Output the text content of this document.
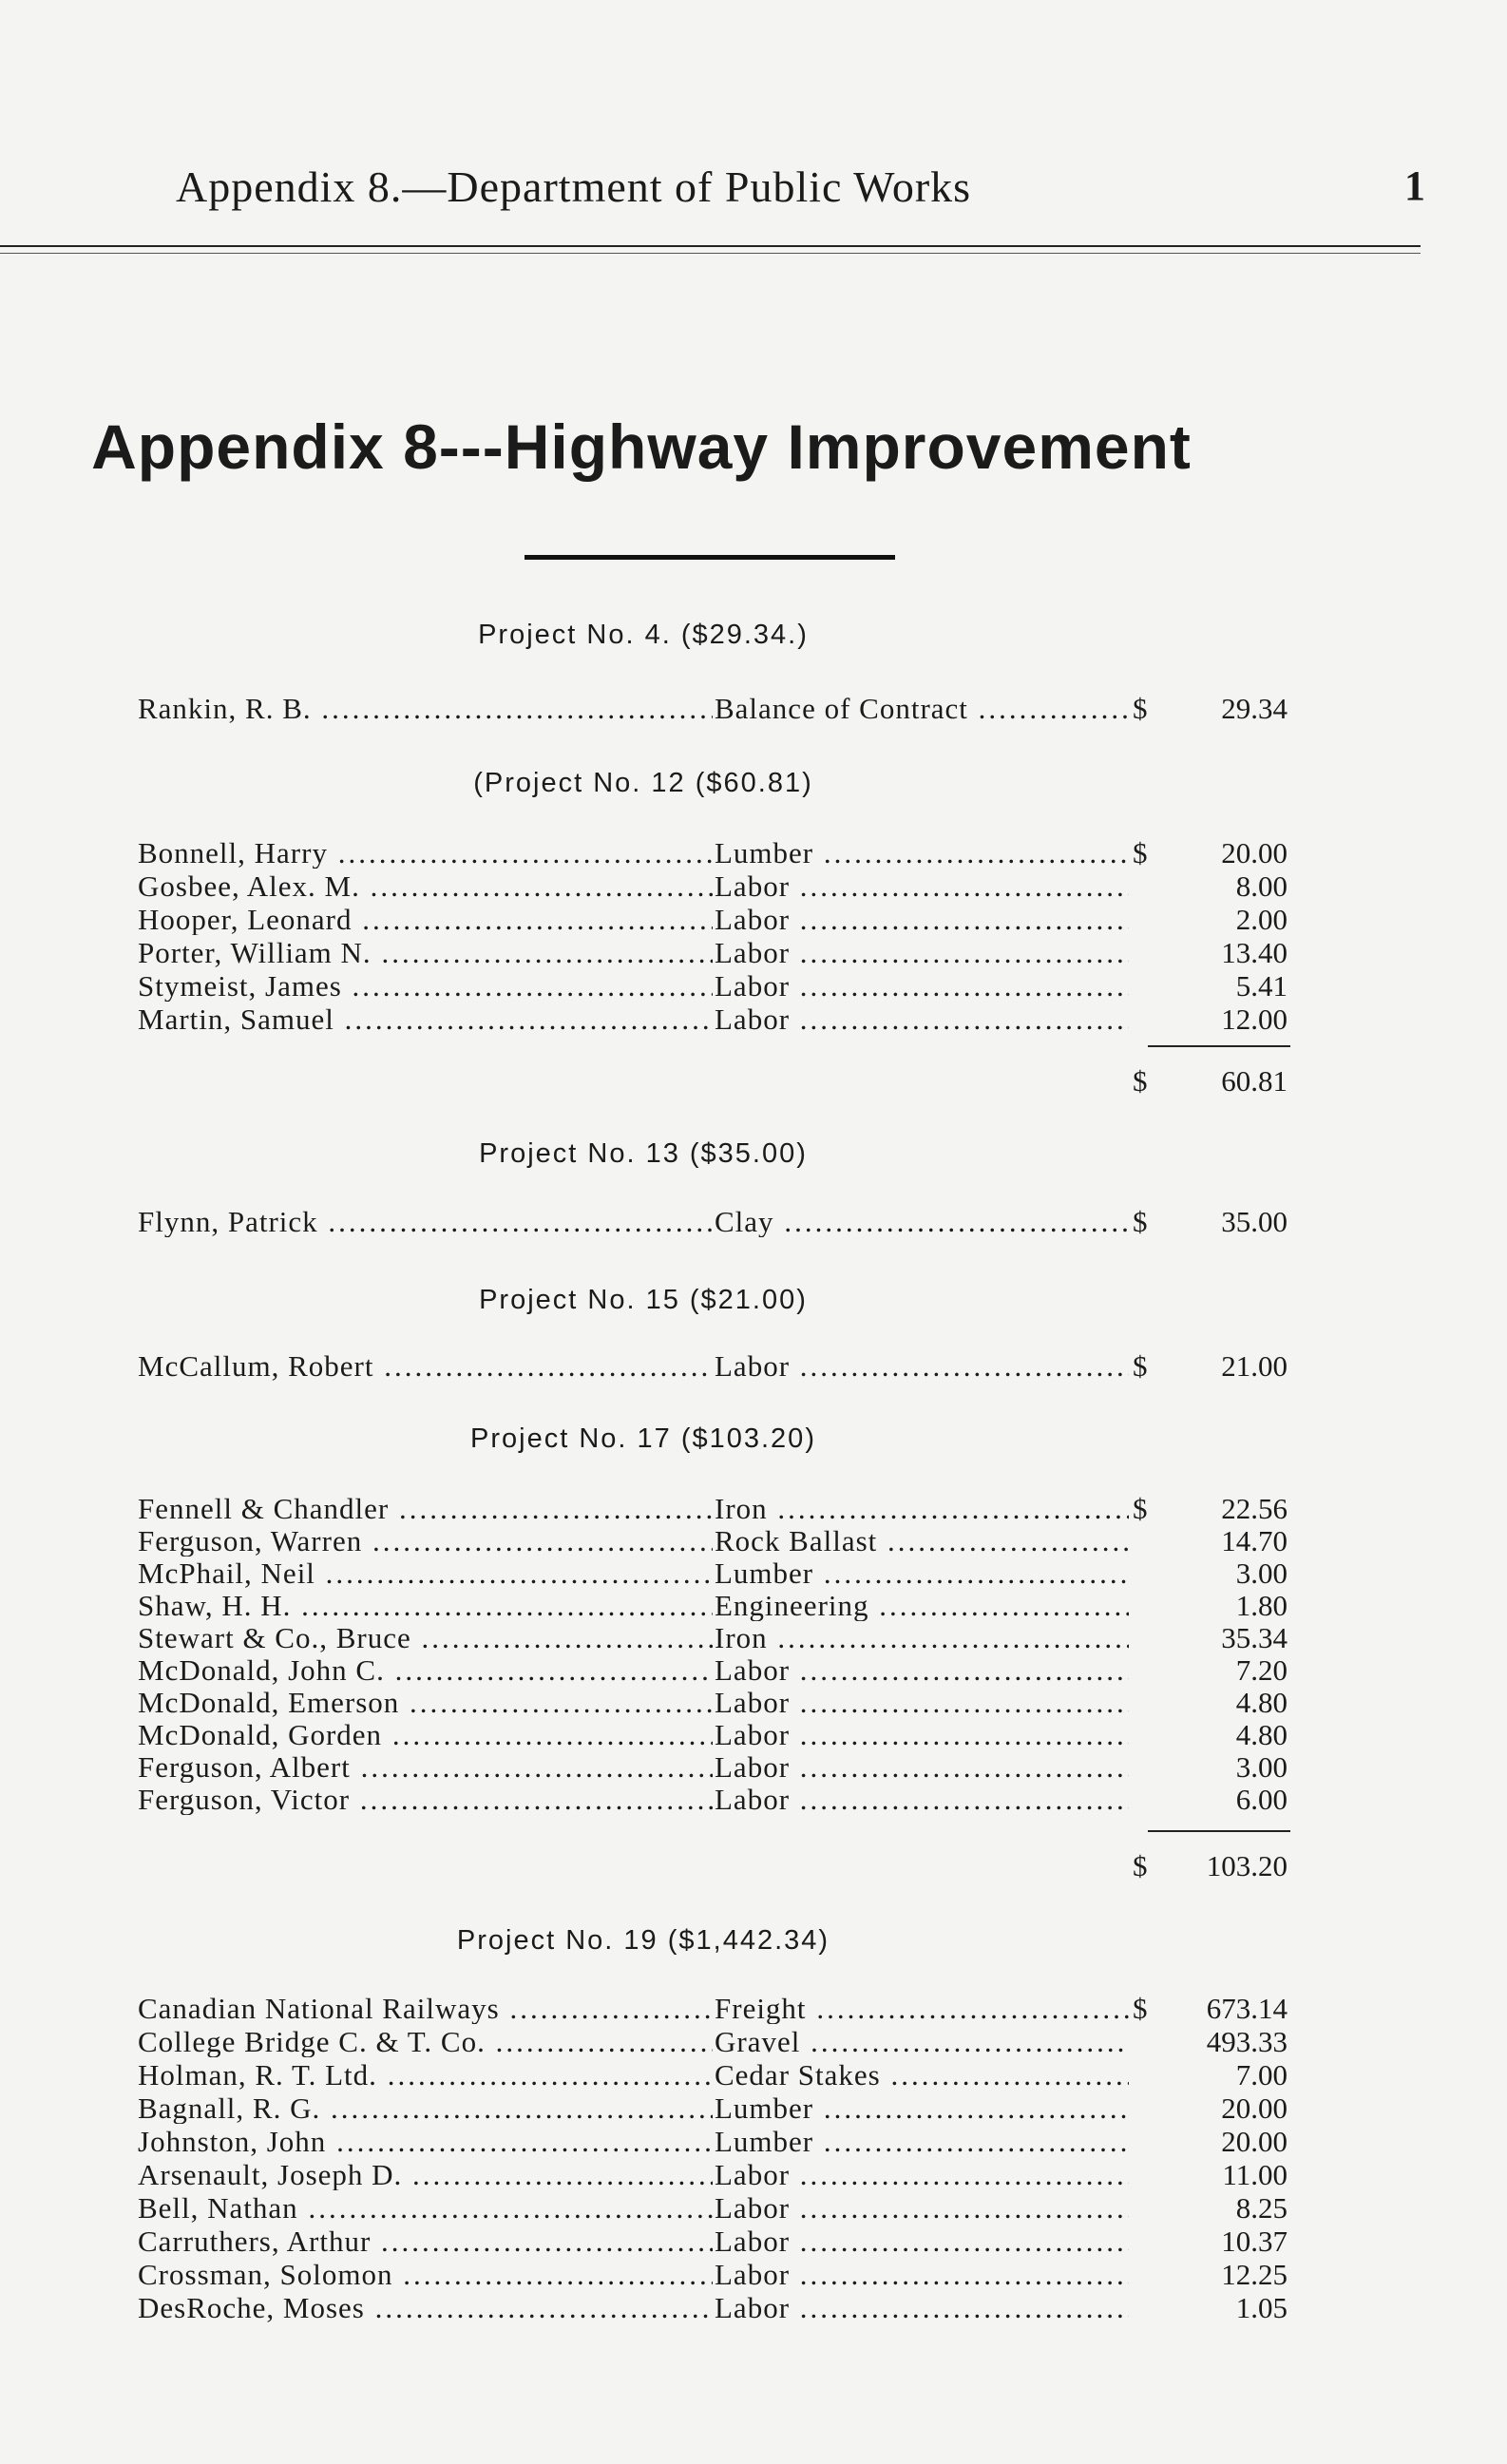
Appendix 8.—Department of Public Works	1
Appendix 8---Highway Improvement
Project No. 4. ($29.34.)
Rankin, R. B. .....	Balance of Contract .....	$	29.34
(Project No. 12 ($60.81)
Bonnell, Harry .....	Lumber .....	$	20.00
Gosbee, Alex. M. .....	Labor .....	8.00
Hooper, Leonard .....	Labor .....	2.00
Porter, William N. .....	Labor .....	13.40
Stymeist, James .....	Labor .....	5.41
Martin, Samuel .....	Labor .....	12.00
$	60.81
Project No. 13 ($35.00)
Flynn, Patrick .....	Clay .....	$	35.00
Project No. 15 ($21.00)
McCallum, Robert .....	Labor .....	$	21.00
Project No. 17 ($103.20)
Fennell & Chandler .....	Iron .....	$	22.56
Ferguson, Warren .....	Rock Ballast .....	14.70
McPhail, Neil .....	Lumber .....	3.00
Shaw, H. H. .....	Engineering .....	1.80
Stewart & Co., Bruce .....	Iron .....	35.34
McDonald, John C. .....	Labor .....	7.20
McDonald, Emerson .....	Labor .....	4.80
McDonald, Gorden .....	Labor .....	4.80
Ferguson, Albert .....	Labor .....	3.00
Ferguson, Victor .....	Labor .....	6.00
$	103.20
Project No. 19 ($1,442.34)
Canadian National Railways .....	Freight .....	$	673.14
College Bridge C. & T. Co. .....	Gravel .....	493.33
Holman, R. T. Ltd. .....	Cedar Stakes .....	7.00
Bagnall, R. G. .....	Lumber .....	20.00
Johnston, John .....	Lumber .....	20.00
Arsenault, Joseph D. .....	Labor .....	11.00
Bell, Nathan .....	Labor .....	8.25
Carruthers, Arthur .....	Labor .....	10.37
Crossman, Solomon .....	Labor .....	12.25
DesRoche, Moses .....	Labor .....	1.05
